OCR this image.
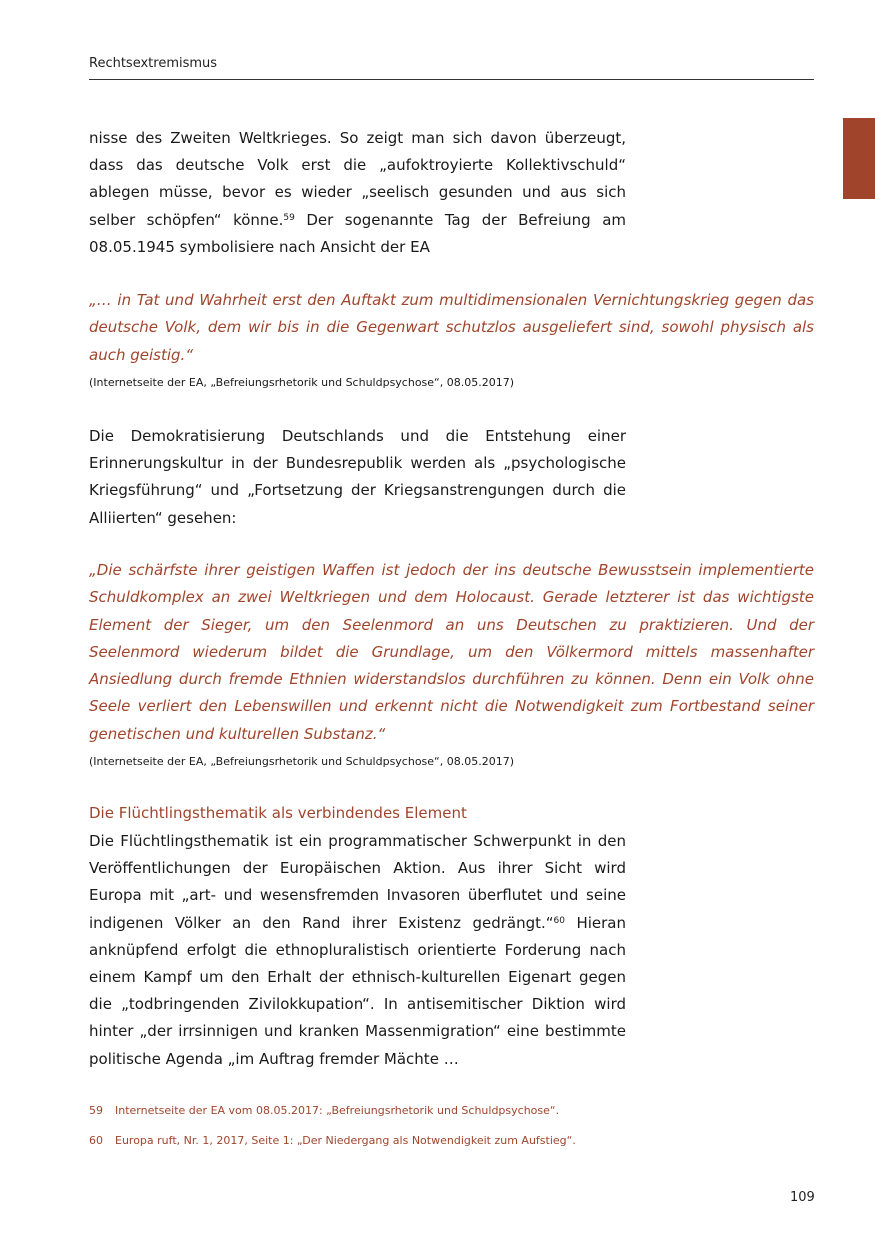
Rechtsextremismus

nisse des Zweiten Weltkrieges. So zeigt man sich davon überzeugt, dass das deutsche Volk erst die „aufoktroyierte Kollektivschuld“ ablegen müsse, bevor es wieder „seelisch gesunden und aus sich selber schöpfen“ könne.$^{59}$ Der sogenannte Tag der Befreiung am 08.05.1945 symbolisiere nach Ansicht der EA

„… in Tat und Wahrheit erst den Auftakt zum multidimensionalen Vernichtungskrieg gegen das deutsche Volk, dem wir bis in die Gegenwart schutzlos ausgeliefert sind, sowohl physisch als auch geistig.“

(Internetseite der EA, „Befreiungsrhetorik und Schuldpsychose“, 08.05.2017)

Die Demokratisierung Deutschlands und die Entstehung einer Erinnerungskultur in der Bundesrepublik werden als „psychologische Kriegsführung“ und „Fortsetzung der Kriegsanstrengungen durch die Alliierten“ gesehen:

„Die schärfste ihrer geistigen Waffen ist jedoch der ins deutsche Bewusstsein implementierte Schuldkomplex an zwei Weltkriegen und dem Holocaust. Gerade letzterer ist das wichtigste Element der Sieger, um den Seelenmord an uns Deutschen zu praktizieren. Und der Seelenmord wiederum bildet die Grundlage, um den Völkermord mittels massenhafter Ansiedlung durch fremde Ethnien widerstandslos durchführen zu können. Denn ein Volk ohne Seele verliert den Lebenswillen und erkennt nicht die Notwendigkeit zum Fortbestand seiner genetischen und kulturellen Substanz.“

(Internetseite der EA, „Befreiungsrhetorik und Schuldpsychose“, 08.05.2017)

Die Flüchtlingsthematik als verbindendes Element

Die Flüchtlingsthematik ist ein programmatischer Schwerpunkt in den Veröffentlichungen der Europäischen Aktion. Aus ihrer Sicht wird Europa mit „art- und wesensfremden Invasoren überflutet und seine indigenen Völker an den Rand ihrer Existenz gedrängt.“$^{60}$ Hieran anknüpfend erfolgt die ethnopluralistisch orientierte Forderung nach einem Kampf um den Erhalt der ethnisch-kulturellen Eigenart gegen die „todbringenden Zivilokkupation“. In antisemitischer Diktion wird hinter „der irrsinnigen und kranken Massenmigration“ eine bestimmte politische Agenda „im Auftrag fremder Mächte …

59 Internetseite der EA vom 08.05.2017: „Befreiungsrhetorik und Schuldpsychose“.
60 Europa ruft, Nr. 1, 2017, Seite 1: „Der Niedergang als Notwendigkeit zum Aufstieg“.
109
